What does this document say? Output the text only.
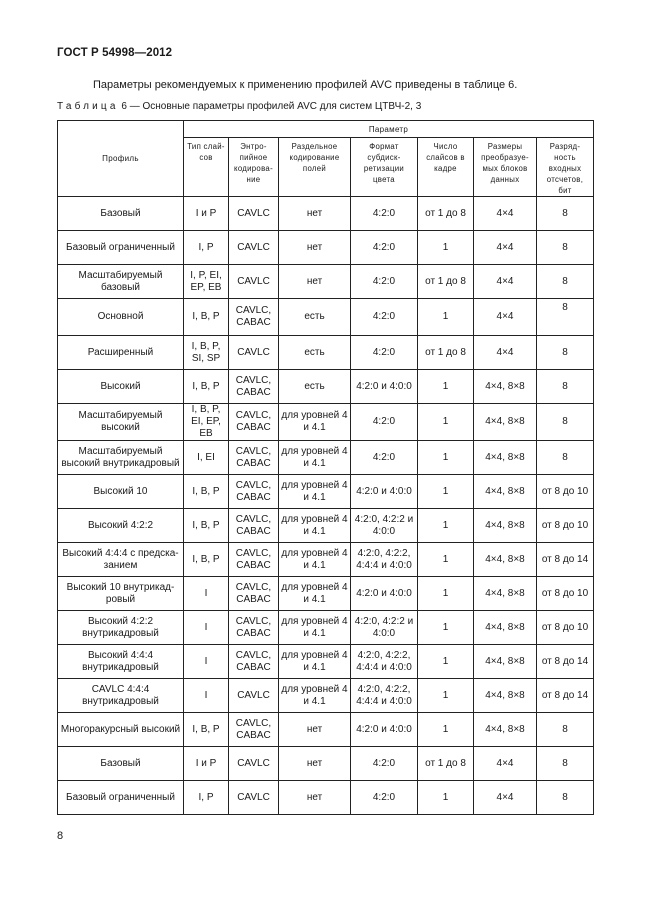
ГОСТ Р 54998—2012
Параметры рекомендуемых к применению профилей AVC приведены в таблице 6.
Таблица 6 — Основные параметры профилей AVC для систем ЦТВЧ-2, 3
Профиль	Параметр						
	Тип слай-сов	Энтро-пийное кодирова-ние	Раздельное кодирование полей	Формат субдиск-ретизации цвета	Число слайсов в кадре	Размеры преобразуе-мых блоков данных	Разряд-ность входных отсчетов, бит
Базовый	I и P	CAVLC	нет	4:2:0	от 1 до 8	4×4	8
Базовый ограниченный	I, P	CAVLC	нет	4:2:0	1	4×4	8
Масштабируемый базовый	I, P, EI, EP, EB	CAVLC	нет	4:2:0	от 1 до 8	4×4	8
Основной	I, B, P	CAVLC, CABAC	есть	4:2:0	1	4×4	8
Расширенный	I, B, P, SI, SP	CAVLC	есть	4:2:0	от 1 до 8	4×4	8
Высокий	I, B, P	CAVLC, CABAC	есть	4:2:0 и 4:0:0	1	4×4, 8×8	8
Масштабируемый высокий	I, B, P, EI, EP, EB	CAVLC, CABAC	для уровней 4 и 4.1	4:2:0	1	4×4, 8×8	8
Масштабируемый высокий внутрикадровый	I, EI	CAVLC, CABAC	для уровней 4 и 4.1	4:2:0	1	4×4, 8×8	8
Высокий 10	I, B, P	CAVLC, CABAC	для уровней 4 и 4.1	4:2:0 и 4:0:0	1	4×4, 8×8	от 8 до 10
Высокий 4:2:2	I, B, P	CAVLC, CABAC	для уровней 4 и 4.1	4:2:0, 4:2:2 и 4:0:0	1	4×4, 8×8	от 8 до 10
Высокий 4:4:4 с предска-занием	I, B, P	CAVLC, CABAC	для уровней 4 и 4.1	4:2:0, 4:2:2, 4:4:4 и 4:0:0	1	4×4, 8×8	от 8 до 14
Высокий 10 внутрикад-ровый	I	CAVLC, CABAC	для уровней 4 и 4.1	4:2:0 и 4:0:0	1	4×4, 8×8	от 8 до 10
Высокий 4:2:2 внутрикадровый	I	CAVLC, CABAC	для уровней 4 и 4.1	4:2:0, 4:2:2 и 4:0:0	1	4×4, 8×8	от 8 до 10
Высокий 4:4:4 внутрикадровый	I	CAVLC, CABAC	для уровней 4 и 4.1	4:2:0, 4:2:2, 4:4:4 и 4:0:0	1	4×4, 8×8	от 8 до 14
CAVLC 4:4:4 внутрикадровый	I	CAVLC	для уровней 4 и 4.1	4:2:0, 4:2:2, 4:4:4 и 4:0:0	1	4×4, 8×8	от 8 до 14
Многоракурсный высокий	I, B, P	CAVLC, CABAC	нет	4:2:0 и 4:0:0	1	4×4, 8×8	8
Базовый	I и P	CAVLC	нет	4:2:0	от 1 до 8	4×4	8
Базовый ограниченный	I, P	CAVLC	нет	4:2:0	1	4×4	8
8
